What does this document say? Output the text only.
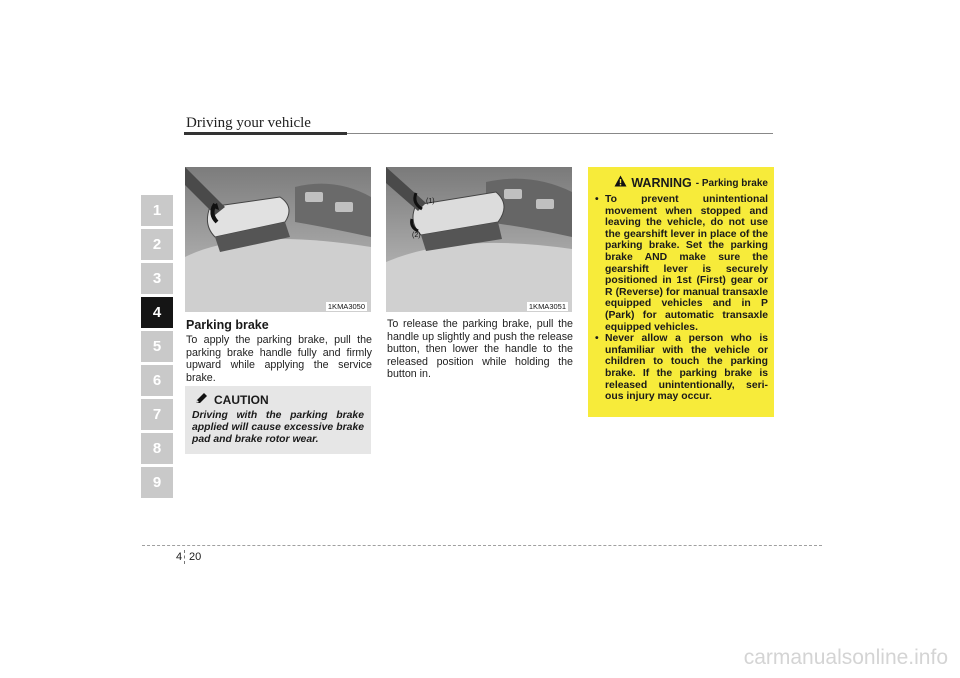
Driving your vehicle
1
2
3
4
5
6
7
8
9
1KMA3050
(1)
(2)
1KMA3051
Parking brake
To apply the parking brake, pull the parking brake handle fully and firmly upward while applying the service brake.
To release the parking brake, pull the handle up slightly and push the release button, then lower the handle to the released position while holding the button in.
CAUTION
Driving with the parking brake applied will cause excessive brake pad and brake rotor wear.
WARNING - Parking brake
• To prevent unintentional movement when stopped and leaving the vehicle, do not use the gearshift lever in place of the parking brake. Set the parking brake AND make sure the gearshift lever is securely positioned in 1st (First) gear or R (Reverse) for manual transaxle equipped vehicles and in P (Park) for automatic transaxle equipped vehicles.
• Never allow a person who is unfamiliar with the vehicle or children to touch the parking brake. If the parking brake is released unintentionally, seri-ous injury may occur.
4 20
carmanualsonline.info
